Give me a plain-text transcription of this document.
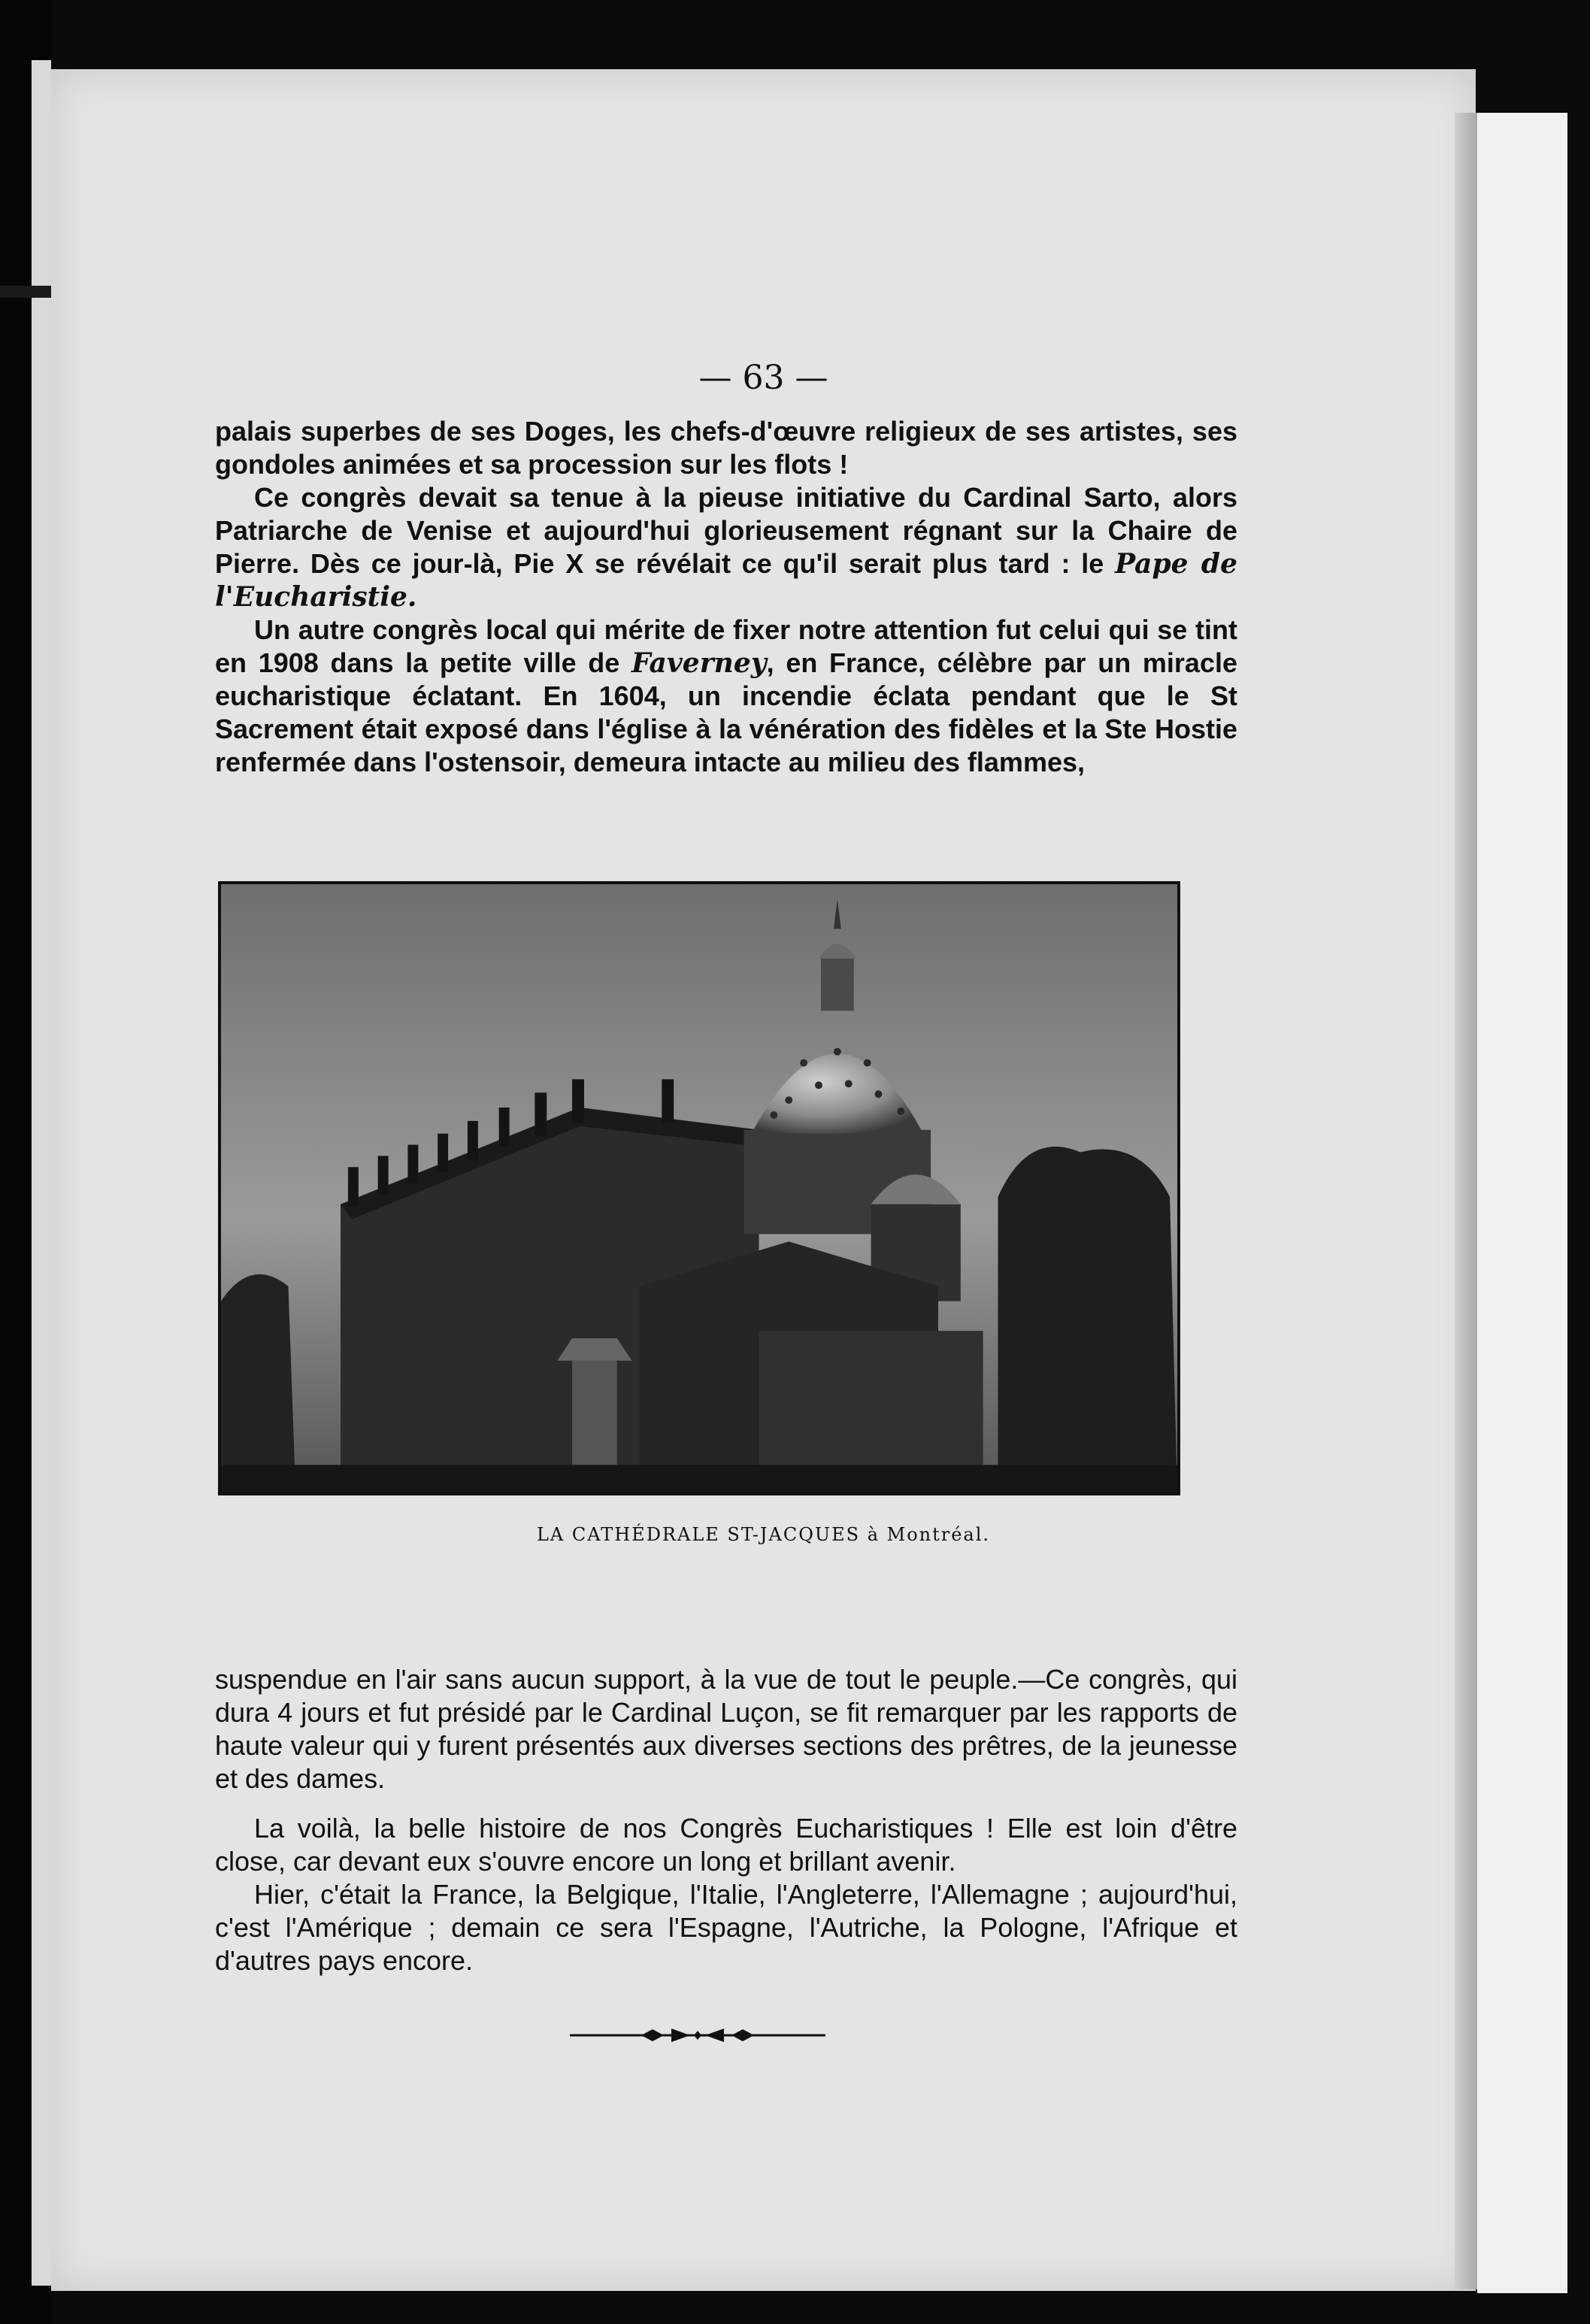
— 63 —

palais superbes de ses Doges, les chefs-d'œuvre religieux de ses artistes, ses gondoles animées et sa procession sur les flots !

Ce congrès devait sa tenue à la pieuse initiative du Cardinal Sarto, alors Patriarche de Venise et aujourd'hui glorieusement régnant sur la Chaire de Pierre. Dès ce jour-là, Pie X se révélait ce qu'il serait plus tard : le Pape de l'Eucharistie.

Un autre congrès local qui mérite de fixer notre attention fut celui qui se tint en 1908 dans la petite ville de Faverney, en France, célèbre par un miracle eucharistique éclatant. En 1604, un incendie éclata pendant que le St Sacrement était exposé dans l'église à la vénération des fidèles et la Ste Hostie renfermée dans l'ostensoir, demeura intacte au milieu des flammes,

LA CATHÉDRALE ST-JACQUES à Montréal.

suspendue en l'air sans aucun support, à la vue de tout le peuple.—Ce congrès, qui dura 4 jours et fut présidé par le Cardinal Luçon, se fit remarquer par les rapports de haute valeur qui y furent présentés aux diverses sections des prêtres, de la jeunesse et des dames.

La voilà, la belle histoire de nos Congrès Eucharistiques ! Elle est loin d'être close, car devant eux s'ouvre encore un long et brillant avenir.

Hier, c'était la France, la Belgique, l'Italie, l'Angleterre, l'Allemagne ; aujourd'hui, c'est l'Amérique ; demain ce sera l'Espagne, l'Autriche, la Pologne, l'Afrique et d'autres pays encore.
